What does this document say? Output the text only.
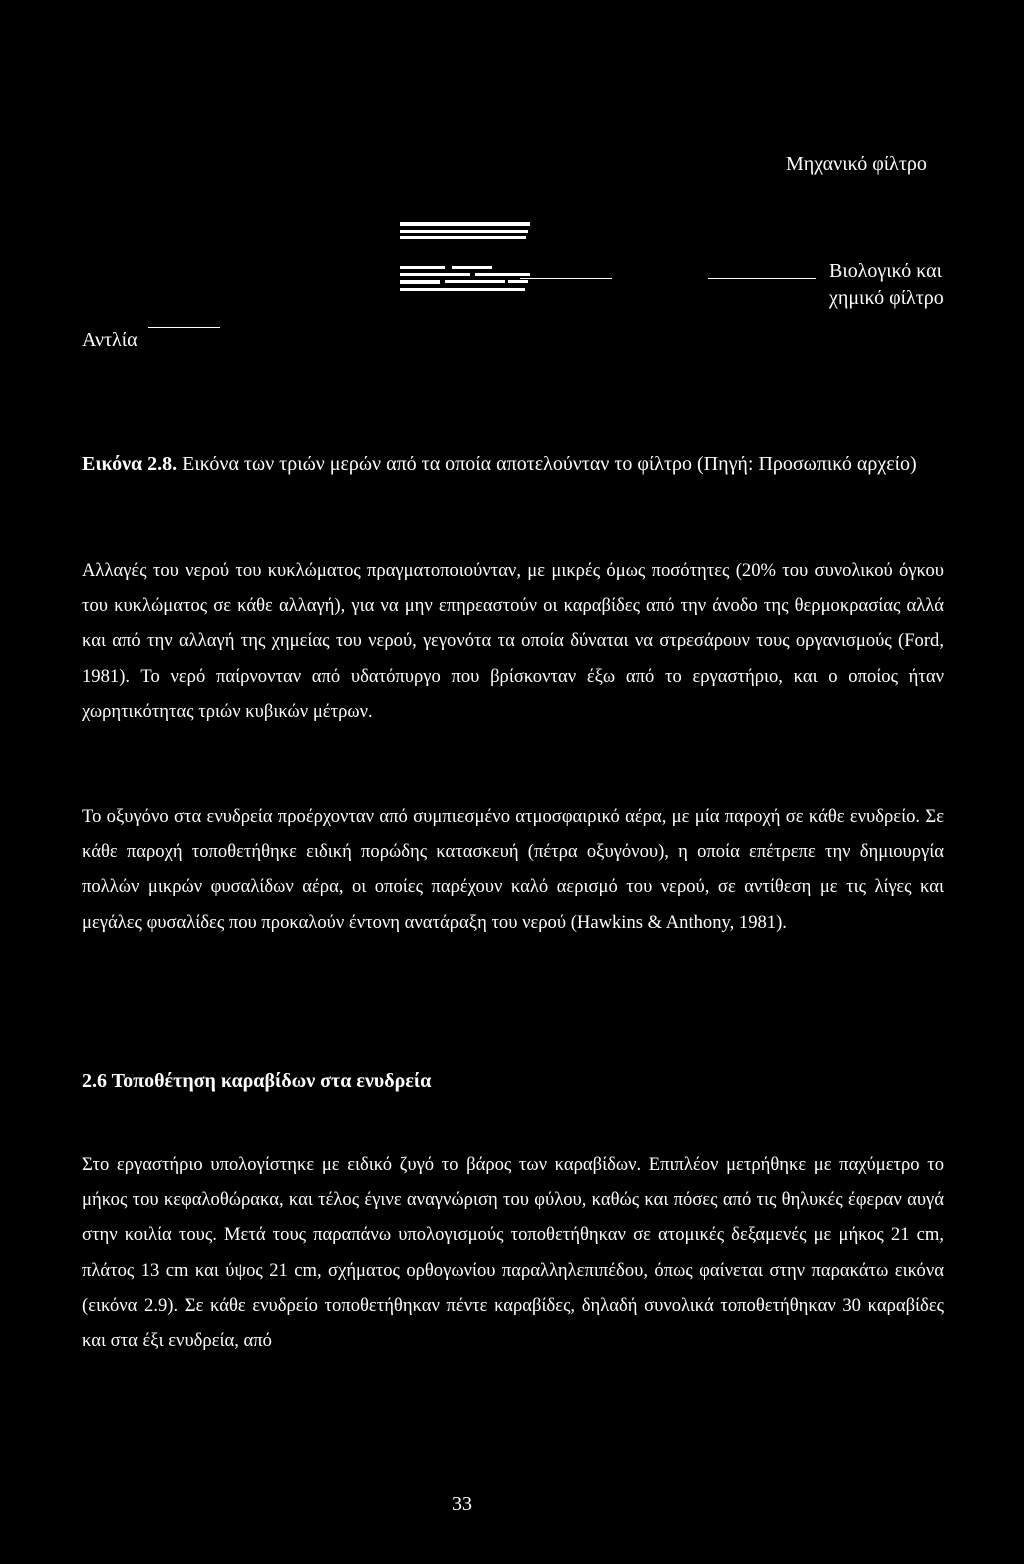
Μηχανικό φίλτρο
Βιολογικό και
χημικό φίλτρο
Αντλία
Εικόνα 2.8. Εικόνα των τριών μερών από τα οποία αποτελούνταν το φίλτρο (Πηγή: Προσωπικό αρχείο)

Αλλαγές του νερού του κυκλώματος πραγματοποιούνταν, με μικρές όμως ποσότητες (20% του συνολικού όγκου του κυκλώματος σε κάθε αλλαγή), για να μην επηρεαστούν οι καραβίδες από την άνοδο της θερμοκρασίας αλλά και από την αλλαγή της χημείας του νερού, γεγονότα τα οποία δύναται να στρεσάρουν τους οργανισμούς (Ford, 1981). Το νερό παίρνονταν από υδατόπυργο που βρίσκονταν έξω από το εργαστήριο, και ο οποίος ήταν χωρητικότητας τριών κυβικών μέτρων.

Το οξυγόνο στα ενυδρεία προέρχονταν από συμπιεσμένο ατμοσφαιρικό αέρα, με μία παροχή σε κάθε ενυδρείο. Σε κάθε παροχή τοποθετήθηκε ειδική πορώδης κατασκευή (πέτρα οξυγόνου), η οποία επέτρεπε την δημιουργία πολλών μικρών φυσαλίδων αέρα, οι οποίες παρέχουν καλό αερισμό του νερού, σε αντίθεση με τις λίγες και μεγάλες φυσαλίδες που προκαλούν έντονη ανατάραξη του νερού (Hawkins & Anthony, 1981).

2.6 Τοποθέτηση καραβίδων στα ενυδρεία

Στο εργαστήριο υπολογίστηκε με ειδικό ζυγό το βάρος των καραβίδων. Επιπλέον μετρήθηκε με παχύμετρο το μήκος του κεφαλοθώρακα, και τέλος έγινε αναγνώριση του φύλου, καθώς και πόσες από τις θηλυκές έφεραν αυγά στην κοιλία τους. Μετά τους παραπάνω υπολογισμούς τοποθετήθηκαν σε ατομικές δεξαμενές με μήκος 21 cm, πλάτος 13 cm και ύψος 21 cm, σχήματος ορθογωνίου παραλληλεπιπέδου, όπως φαίνεται στην παρακάτω εικόνα (εικόνα 2.9). Σε κάθε ενυδρείο τοποθετήθηκαν πέντε καραβίδες, δηλαδή συνολικά τοποθετήθηκαν 30 καραβίδες και στα έξι ενυδρεία, από

33
